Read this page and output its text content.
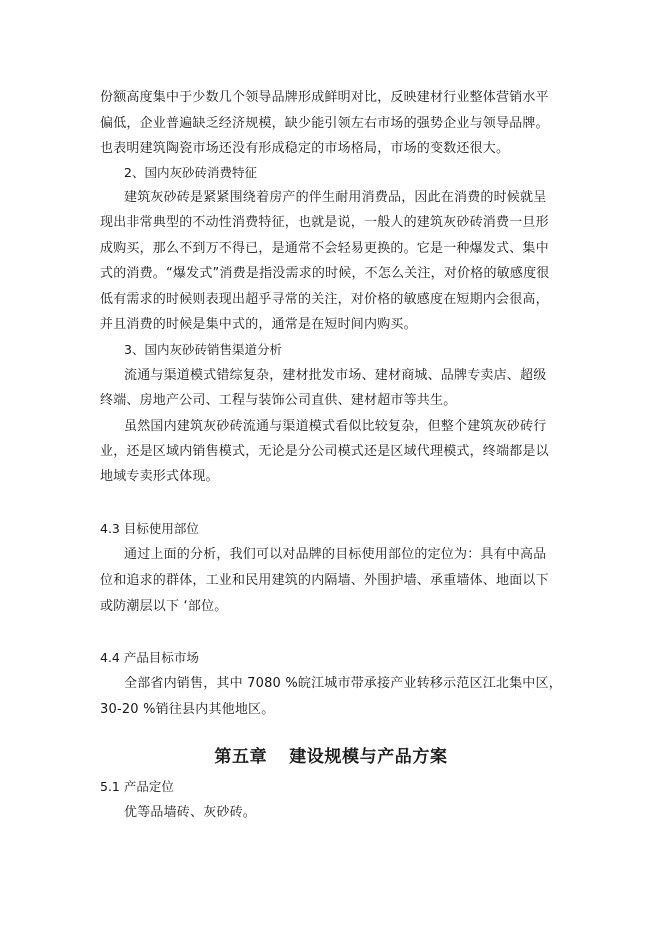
份额高度集中于少数几个领导品牌形成鲜明对比，反映建材行业整体营销水平
偏低，企业普遍缺乏经济规模，缺少能引领左右市场的强势企业与领导品牌。
也表明建筑陶瓷市场还没有形成稳定的市场格局，市场的变数还很大。
2、国内灰砂砖消费特征
建筑灰砂砖是紧紧围绕着房产的伴生耐用消费品，因此在消费的时候就呈
现出非常典型的不动性消费特征，也就是说，一般人的建筑灰砂砖消费一旦形
成购买，那么不到万不得已，是通常不会轻易更换的。它是一种爆发式、集中
式的消费。“爆发式”消费是指没需求的时候，不怎么关注，对价格的敏感度很
低有需求的时候则表现出超乎寻常的关注，对价格的敏感度在短期内会很高，
并且消费的时候是集中式的，通常是在短时间内购买。
3、国内灰砂砖销售渠道分析
流通与渠道模式错综复杂，建材批发市场、建材商城、品牌专卖店、超级
终端、房地产公司、工程与装饰公司直供、建材超市等共生。
虽然国内建筑灰砂砖流通与渠道模式看似比较复杂，但整个建筑灰砂砖行
业，还是区域内销售模式，无论是分公司模式还是区域代理模式，终端都是以
地域专卖形式体现。
4.3 目标使用部位
通过上面的分析，我们可以对品牌的目标使用部位的定位为：具有中高品
位和追求的群体，工业和民用建筑的内隔墙、外围护墙、承重墙体、地面以下
或防潮层以下 ‘部位。
4.4 产品目标市场
全部省内销售，其中 7080 %皖江城市带承接产业转移示范区江北集中区，
30-20 %销往县内其他地区。
第五章 建设规模与产品方案
5.1 产品定位
优等品墙砖、灰砂砖。
